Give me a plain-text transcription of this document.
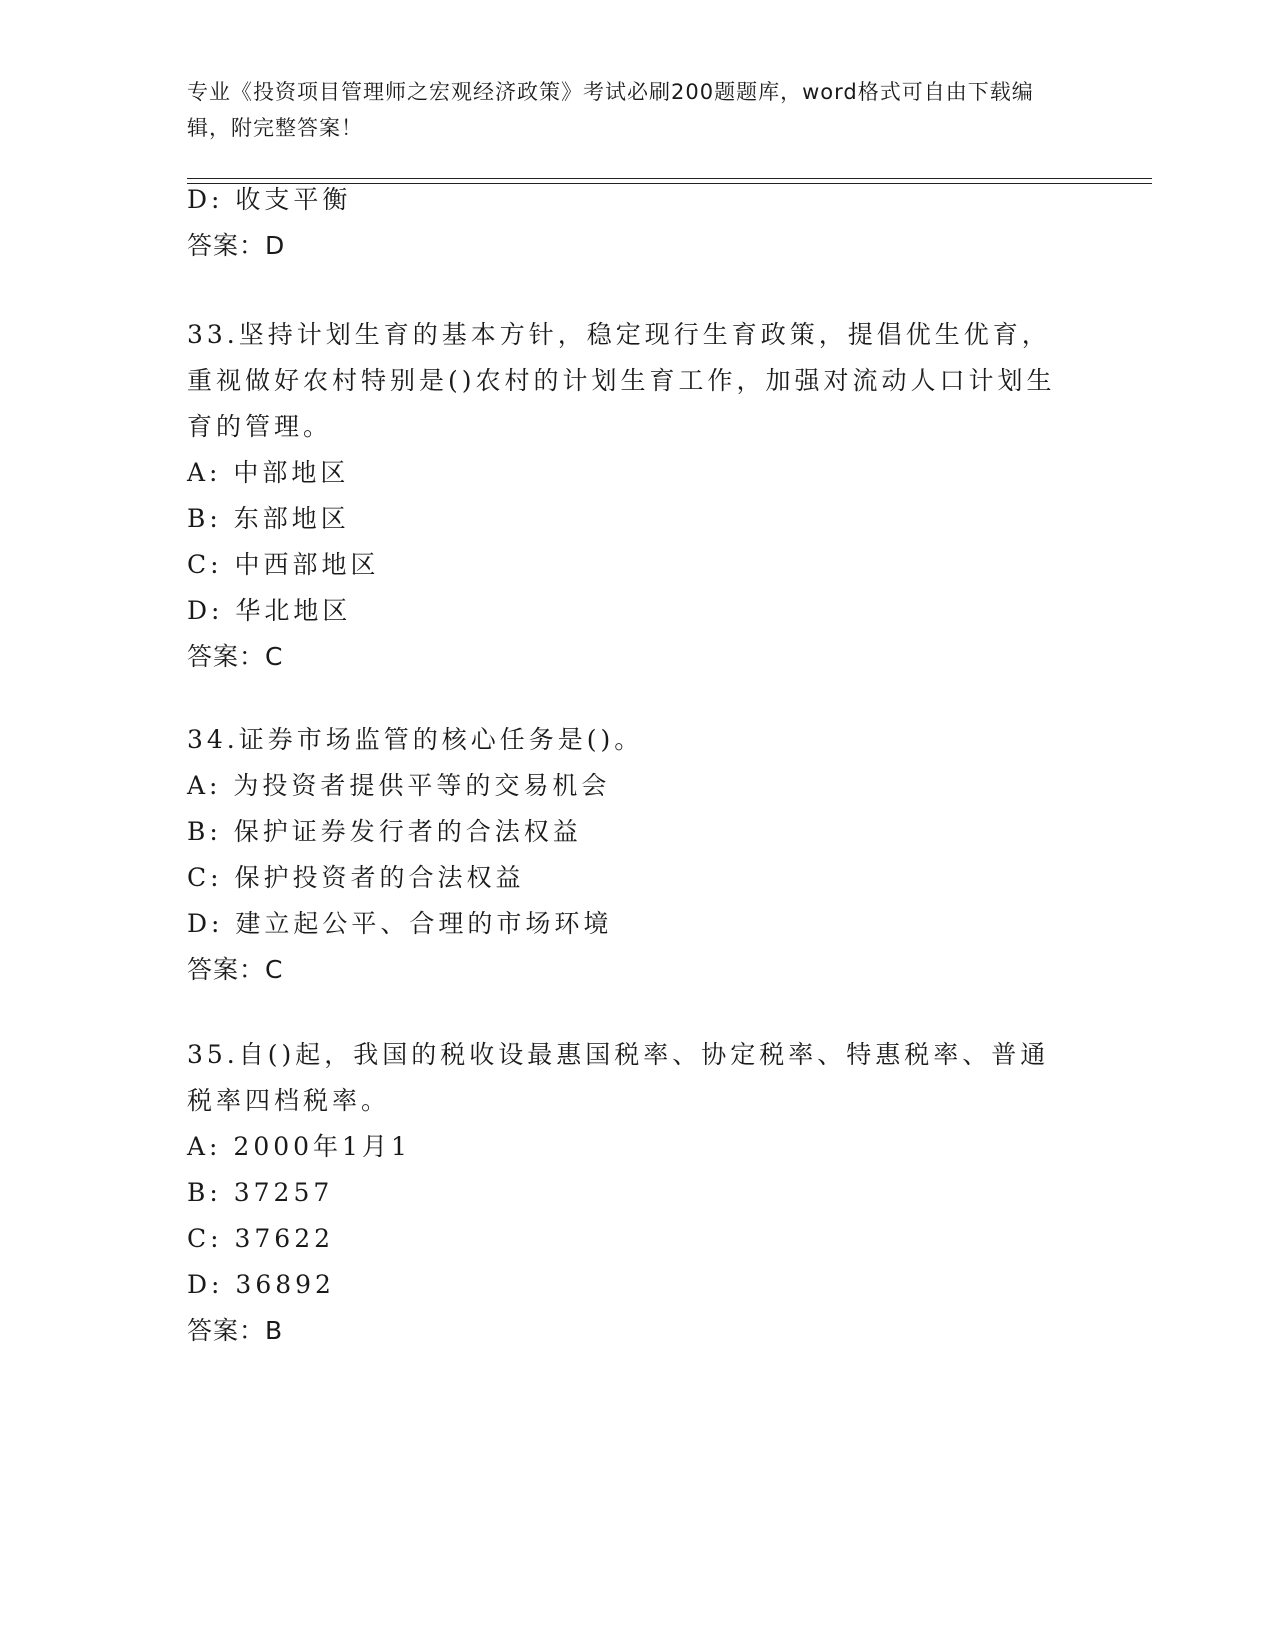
专业《投资项目管理师之宏观经济政策》考试必刷200题题库，word格式可自由下载编辑，附完整答案！
D: 收支平衡
答案：D
33.坚持计划生育的基本方针，稳定现行生育政策，提倡优生优育，重视做好农村特别是()农村的计划生育工作，加强对流动人口计划生育的管理。
A: 中部地区
B: 东部地区
C: 中西部地区
D: 华北地区
答案：C
34.证券市场监管的核心任务是()。
A: 为投资者提供平等的交易机会
B: 保护证券发行者的合法权益
C: 保护投资者的合法权益
D: 建立起公平、合理的市场环境
答案：C
35.自()起，我国的税收设最惠国税率、协定税率、特惠税率、普通税率四档税率。
A: 2000年1月1
B: 37257
C: 37622
D: 36892
答案：B
